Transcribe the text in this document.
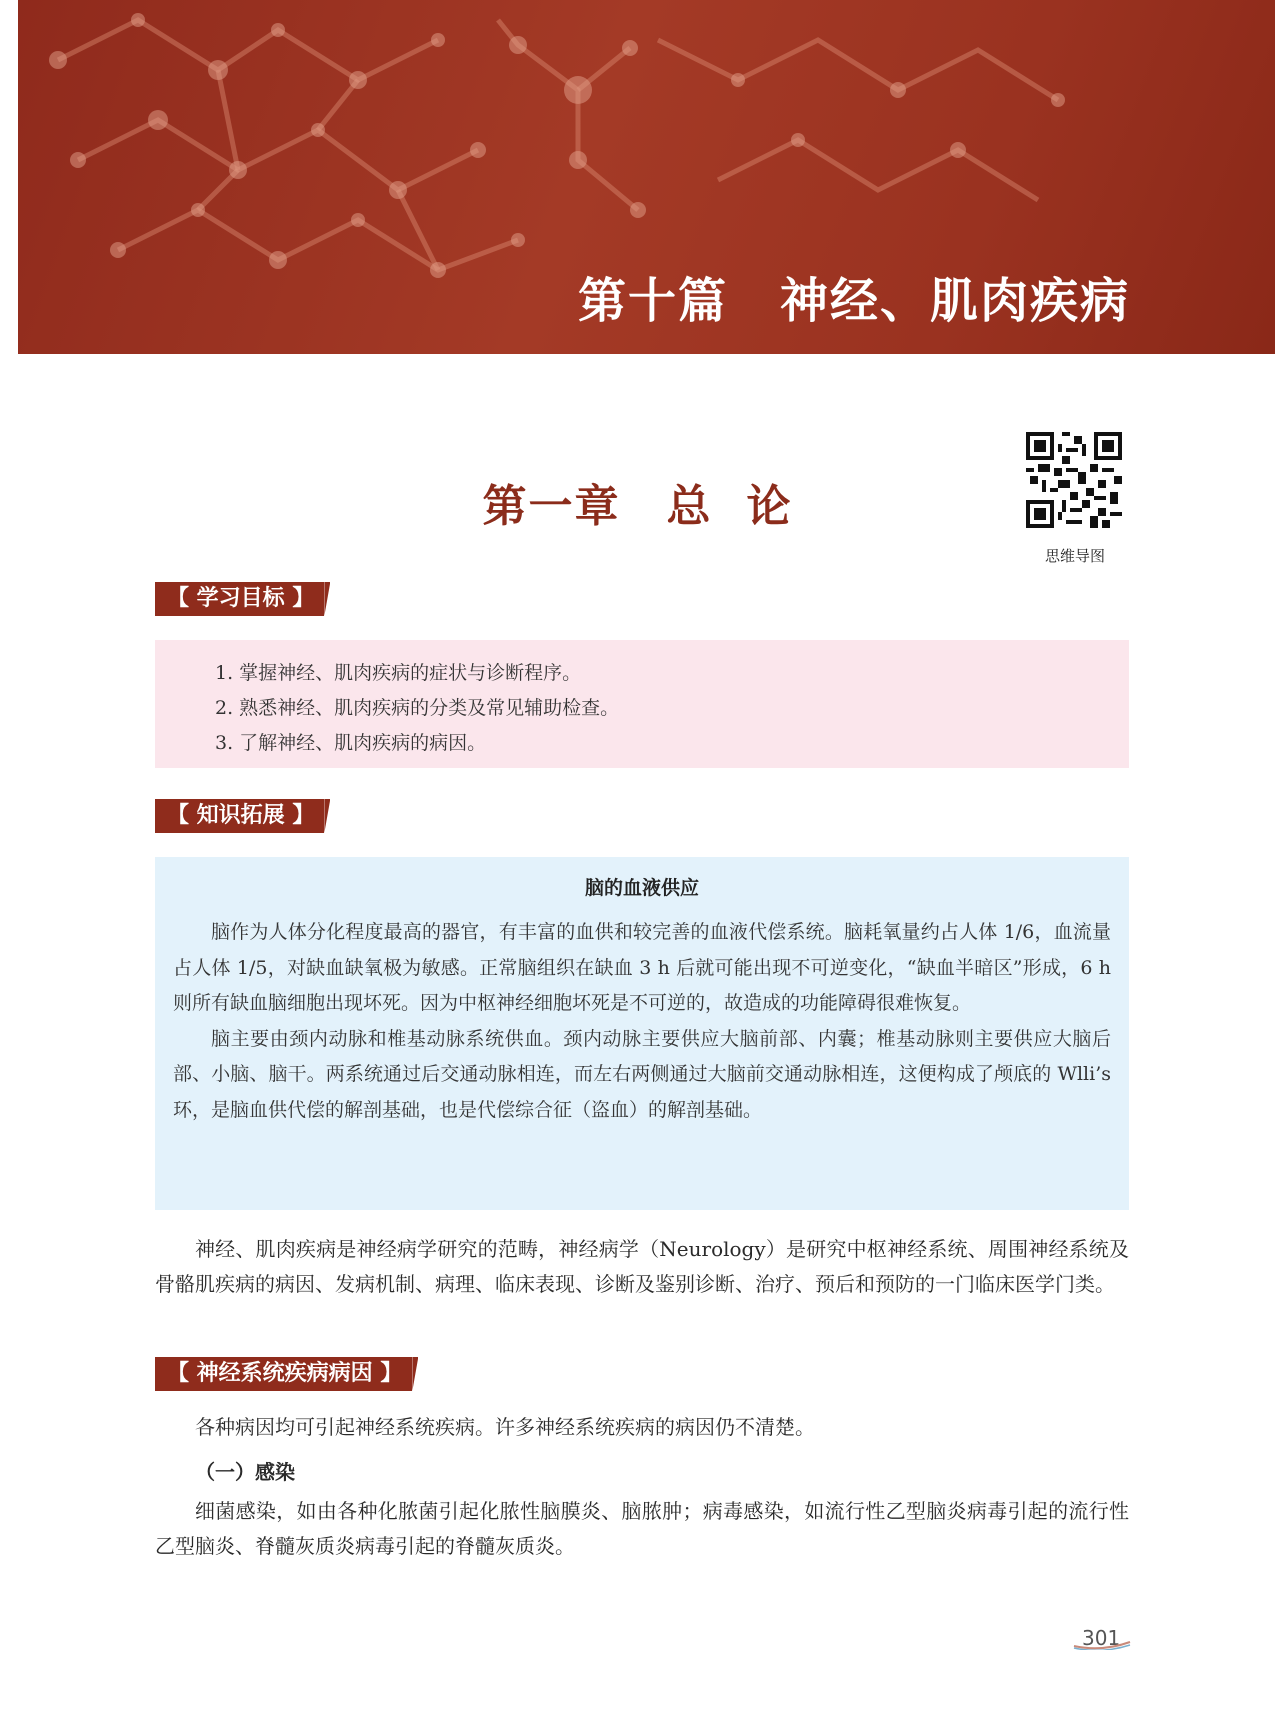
第十篇 神经、肌肉疾病
第一章 总 论
思维导图
【 学习目标 】
1. 掌握神经、肌肉疾病的症状与诊断程序。
2. 熟悉神经、肌肉疾病的分类及常见辅助检查。
3. 了解神经、肌肉疾病的病因。
【 知识拓展 】
脑的血液供应

脑作为人体分化程度最高的器官，有丰富的血供和较完善的血液代偿系统。脑耗氧量约占人体 1/6，血流量占人体 1/5，对缺血缺氧极为敏感。正常脑组织在缺血 3 h 后就可能出现不可逆变化，“缺血半暗区”形成，6 h 则所有缺血脑细胞出现坏死。因为中枢神经细胞坏死是不可逆的，故造成的功能障碍很难恢复。

脑主要由颈内动脉和椎基动脉系统供血。颈内动脉主要供应大脑前部、内囊；椎基动脉则主要供应大脑后部、小脑、脑干。两系统通过后交通动脉相连，而左右两侧通过大脑前交通动脉相连，这便构成了颅底的 Wlli’s 环，是脑血供代偿的解剖基础，也是代偿综合征（盗血）的解剖基础。

神经、肌肉疾病是神经病学研究的范畴，神经病学（Neurology）是研究中枢神经系统、周围神经系统及骨骼肌疾病的病因、发病机制、病理、临床表现、诊断及鉴别诊断、治疗、预后和预防的一门临床医学门类。
【 神经系统疾病病因 】
各种病因均可引起神经系统疾病。许多神经系统疾病的病因仍不清楚。
（一）感染
细菌感染，如由各种化脓菌引起化脓性脑膜炎、脑脓肿；病毒感染，如流行性乙型脑炎病毒引起的流行性乙型脑炎、脊髓灰质炎病毒引起的脊髓灰质炎。
301
